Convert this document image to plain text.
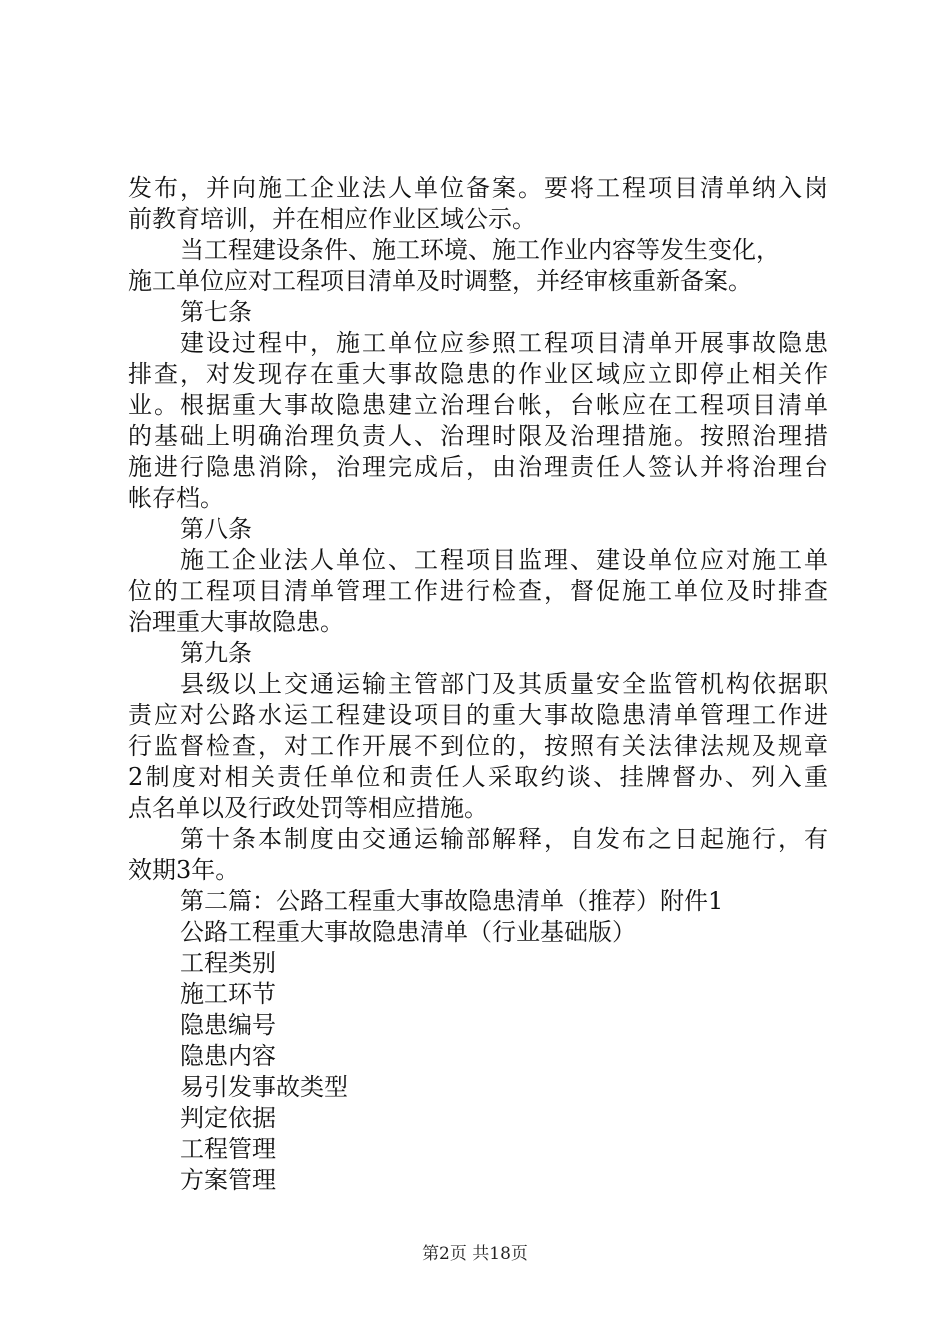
发布，并向施工企业法人单位备案。要将工程项目清单纳入岗
前教育培训，并在相应作业区域公示。
当工程建设条件、施工环境、施工作业内容等发生变化，
施工单位应对工程项目清单及时调整，并经审核重新备案。
第七条
建设过程中，施工单位应参照工程项目清单开展事故隐患
排查，对发现存在重大事故隐患的作业区域应立即停止相关作
业。根据重大事故隐患建立治理台帐，台帐应在工程项目清单
的基础上明确治理负责人、治理时限及治理措施。按照治理措
施进行隐患消除，治理完成后，由治理责任人签认并将治理台
帐存档。
第八条
施工企业法人单位、工程项目监理、建设单位应对施工单
位的工程项目清单管理工作进行检查，督促施工单位及时排查
治理重大事故隐患。
第九条
县级以上交通运输主管部门及其质量安全监管机构依据职
责应对公路水运工程建设项目的重大事故隐患清单管理工作进
行监督检查，对工作开展不到位的，按照有关法律法规及规章
2制度对相关责任单位和责任人采取约谈、挂牌督办、列入重
点名单以及行政处罚等相应措施。
第十条本制度由交通运输部解释，自发布之日起施行，有
效期3年。
第二篇：公路工程重大事故隐患清单（推荐）附件1
公路工程重大事故隐患清单（行业基础版）
工程类别
施工环节
隐患编号
隐患内容
易引发事故类型
判定依据
工程管理
方案管理
第2页 共18页
